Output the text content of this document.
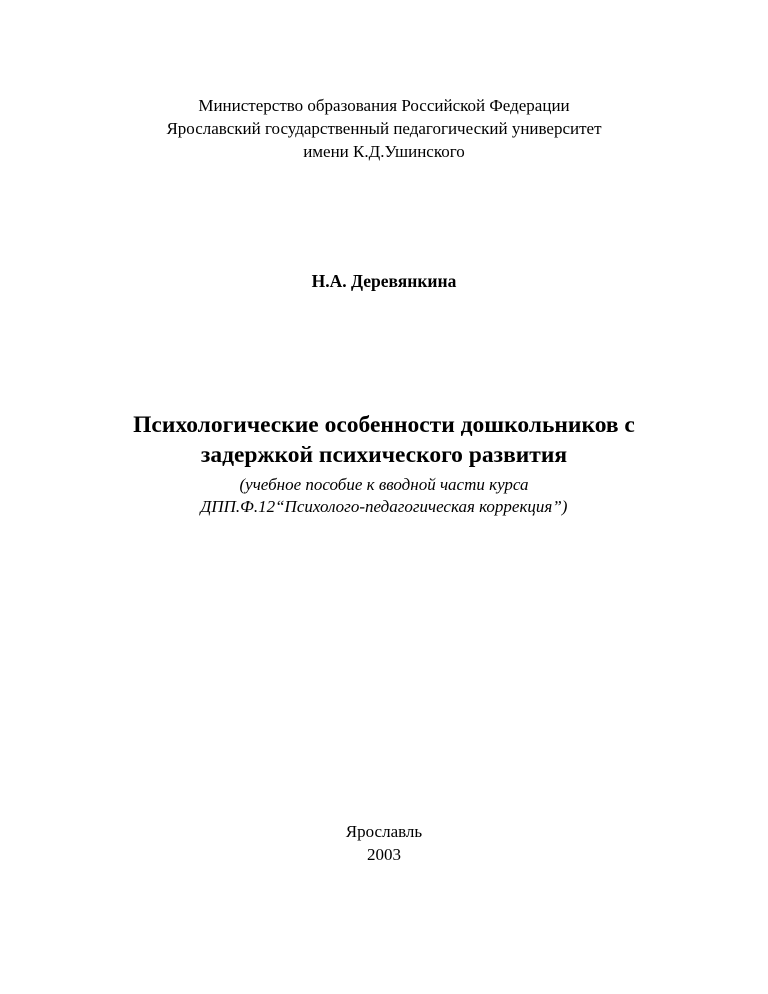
Министерство образования Российской Федерации
Ярославский государственный педагогический университет
имени К.Д.Ушинского
Н.А. Деревянкина
Психологические особенности дошкольников с
задержкой психического развития
(учебное пособие к вводной части курса
ДПП.Ф.12“Психолого-педагогическая коррекция”)
Ярославль
2003
